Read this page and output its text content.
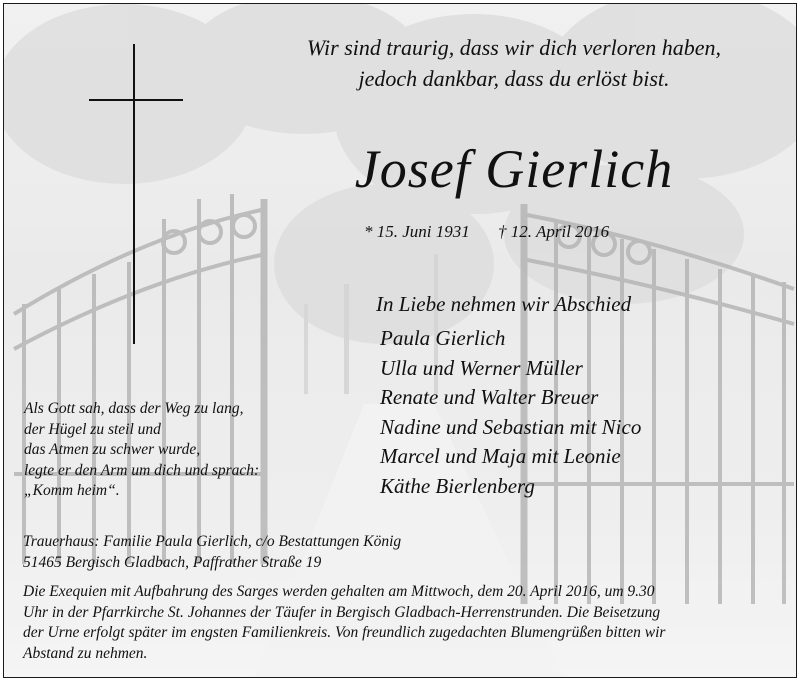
Wir sind traurig, dass wir dich verloren haben,
jedoch dankbar, dass du erlöst bist.
Josef Gierlich
* 15. Juni 1931 † 12. April 2016
In Liebe nehmen wir Abschied
Paula Gierlich
Ulla und Werner Müller
Renate und Walter Breuer
Nadine und Sebastian mit Nico
Marcel und Maja mit Leonie
Käthe Bierlenberg
Als Gott sah, dass der Weg zu lang,
der Hügel zu steil und
das Atmen zu schwer wurde,
legte er den Arm um dich und sprach:
„Komm heim“.
Trauerhaus: Familie Paula Gierlich, c/o Bestattungen König
51465 Bergisch Gladbach, Paffrather Straße 19
Die Exequien mit Aufbahrung des Sarges werden gehalten am Mittwoch, dem 20. April 2016, um 9.30
Uhr in der Pfarrkirche St. Johannes der Täufer in Bergisch Gladbach-Herrenstrunden. Die Beisetzung
der Urne erfolgt später im engsten Familienkreis. Von freundlich zugedachten Blumengrüßen bitten wir
Abstand zu nehmen.
